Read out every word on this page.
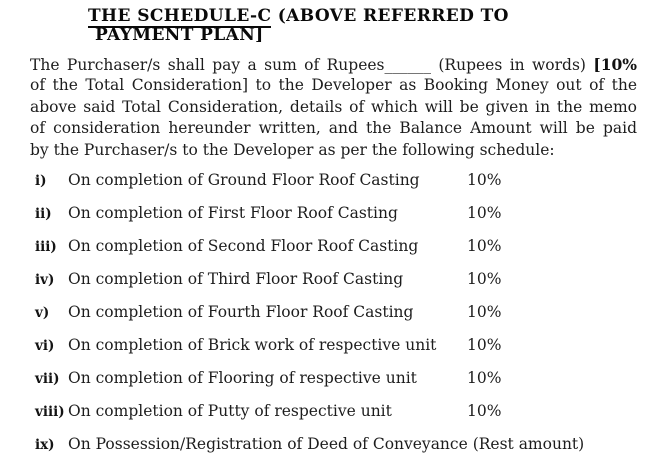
THE SCHEDULE-C (ABOVE REFERRED TO
PAYMENT PLAN]
The Purchaser/s shall pay a sum of Rupees______ (Rupees in words) [10%
of the Total Consideration] to the Developer as Booking Money out of the
above said Total Consideration, details of which will be given in the memo
of consideration hereunder written, and the Balance Amount will be paid
by the Purchaser/s to the Developer as per the following schedule:
i)	On completion of Ground Floor Roof Casting	10%
ii)	On completion of First Floor Roof Casting	10%
iii) On completion of Second Floor Roof Casting	10%
iv) On completion of Third Floor Roof Casting	10%
v)	On completion of Fourth Floor Roof Casting	10%
vi) On completion of Brick work of respective unit 10%
vii) On completion of Flooring of respective unit	10%
viii) On completion of Putty of respective unit	10%
ix) On Possession/Registration of Deed of Conveyance (Rest amount)
